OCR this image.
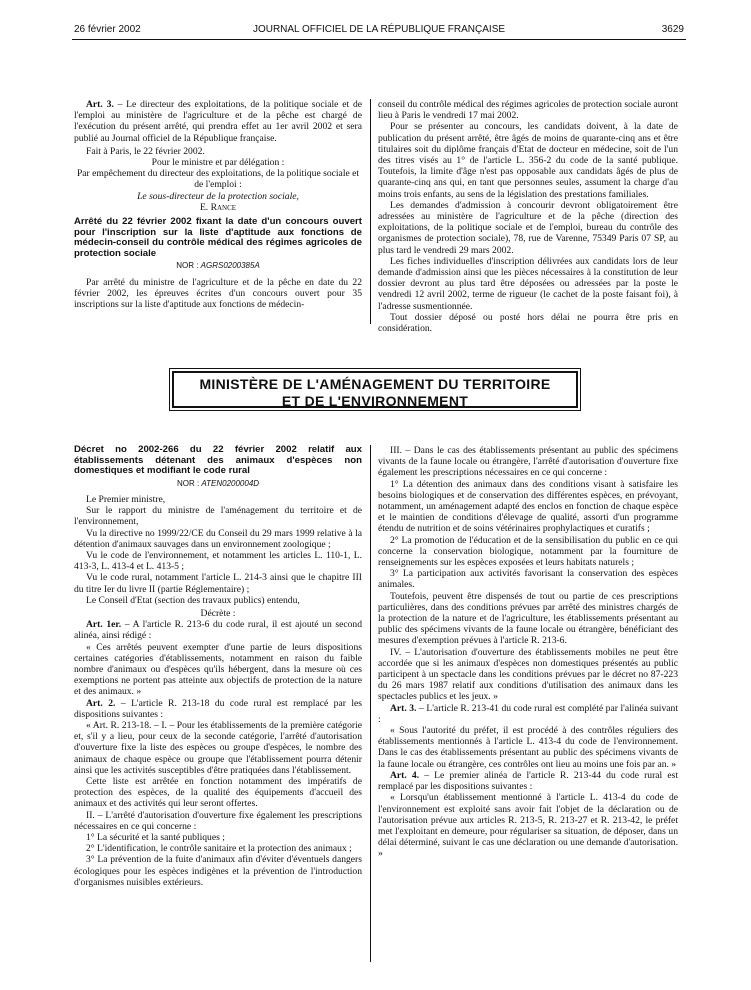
26 février 2002	JOURNAL OFFICIEL DE LA RÉPUBLIQUE FRANÇAISE	3629

Art. 3. – Le directeur des exploitations, de la politique sociale et de l'emploi au ministère de l'agriculture et de la pêche est chargé de l'exécution du présent arrêté, qui prendra effet au 1er avril 2002 et sera publié au Journal officiel de la République française.

Fait à Paris, le 22 février 2002.

Pour le ministre et par délégation :

Par empêchement du directeur des exploitations, de la politique sociale et de l'emploi :

Le sous-directeur de la protection sociale,

E. Rance

Arrêté du 22 février 2002 fixant la date d'un concours ouvert pour l'inscription sur la liste d'aptitude aux fonctions de médecin-conseil du contrôle médical des régimes agricoles de protection sociale

NOR : AGRS0200385A

Par arrêté du ministre de l'agriculture et de la pêche en date du 22 février 2002, les épreuves écrites d'un concours ouvert pour 35 inscriptions sur la liste d'aptitude aux fonctions de médecin-

conseil du contrôle médical des régimes agricoles de protection sociale auront lieu à Paris le vendredi 17 mai 2002.

Pour se présenter au concours, les candidats doivent, à la date de publication du présent arrêté, être âgés de moins de quarante-cinq ans et être titulaires soit du diplôme français d'Etat de docteur en médecine, soit de l'un des titres visés au 1° de l'article L. 356-2 du code de la santé publique. Toutefois, la limite d'âge n'est pas opposable aux candidats âgés de plus de quarante-cinq ans qui, en tant que personnes seules, assument la charge d'au moins trois enfants, au sens de la législation des prestations familiales.

Les demandes d'admission à concourir devront obligatoirement être adressées au ministère de l'agriculture et de la pêche (direction des exploitations, de la politique sociale et de l'emploi, bureau du contrôle des organismes de protection sociale), 78, rue de Varenne, 75349 Paris 07 SP, au plus tard le vendredi 29 mars 2002.

Les fiches individuelles d'inscription délivrées aux candidats lors de leur demande d'admission ainsi que les pièces nécessaires à la constitution de leur dossier devront au plus tard être déposées ou adressées par la poste le vendredi 12 avril 2002, terme de rigueur (le cachet de la poste faisant foi), à l'adresse susmentionnée.

Tout dossier déposé ou posté hors délai ne pourra être pris en considération.

MINISTÈRE DE L'AMÉNAGEMENT DU TERRITOIRE
ET DE L'ENVIRONNEMENT

Décret no 2002-266 du 22 février 2002 relatif aux établissements détenant des animaux d'espèces non domestiques et modifiant le code rural

NOR : ATEN0200004D

Le Premier ministre,

Sur le rapport du ministre de l'aménagement du territoire et de l'environnement,

Vu la directive no 1999/22/CE du Conseil du 29 mars 1999 relative à la détention d'animaux sauvages dans un environnement zoologique ;

Vu le code de l'environnement, et notamment les articles L. 110-1, L. 413-3, L. 413-4 et L. 413-5 ;

Vu le code rural, notamment l'article L. 214-3 ainsi que le chapitre III du titre Ier du livre II (partie Réglementaire) ;

Le Conseil d'Etat (section des travaux publics) entendu,

Décrète :

Art. 1er. – A l'article R. 213-6 du code rural, il est ajouté un second alinéa, ainsi rédigé :

« Ces arrêtés peuvent exempter d'une partie de leurs dispositions certaines catégories d'établissements, notamment en raison du faible nombre d'animaux ou d'espèces qu'ils hébergent, dans la mesure où ces exemptions ne portent pas atteinte aux objectifs de protection de la nature et des animaux. »

Art. 2. – L'article R. 213-18 du code rural est remplacé par les dispositions suivantes :

« Art. R. 213-18. – I. – Pour les établissements de la première catégorie et, s'il y a lieu, pour ceux de la seconde catégorie, l'arrêté d'autorisation d'ouverture fixe la liste des espèces ou groupe d'espèces, le nombre des animaux de chaque espèce ou groupe que l'établissement pourra détenir ainsi que les activités susceptibles d'être pratiquées dans l'établissement.

Cette liste est arrêtée en fonction notamment des impératifs de protection des espèces, de la qualité des équipements d'accueil des animaux et des activités qui leur seront offertes.

II. – L'arrêté d'autorisation d'ouverture fixe également les prescriptions nécessaires en ce qui concerne :

1° La sécurité et la santé publiques ;

2° L'identification, le contrôle sanitaire et la protection des animaux ;

3° La prévention de la fuite d'animaux afin d'éviter d'éventuels dangers écologiques pour les espèces indigènes et la prévention de l'introduction d'organismes nuisibles extérieurs.

III. – Dans le cas des établissements présentant au public des spécimens vivants de la faune locale ou étrangère, l'arrêté d'autorisation d'ouverture fixe également les prescriptions nécessaires en ce qui concerne :

1° La détention des animaux dans des conditions visant à satisfaire les besoins biologiques et de conservation des différentes espèces, en prévoyant, notamment, un aménagement adapté des enclos en fonction de chaque espèce et le maintien de conditions d'élevage de qualité, assorti d'un programme étendu de nutrition et de soins vétérinaires prophylactiques et curatifs ;

2° La promotion de l'éducation et de la sensibilisation du public en ce qui concerne la conservation biologique, notamment par la fourniture de renseignements sur les espèces exposées et leurs habitats naturels ;

3° La participation aux activités favorisant la conservation des espèces animales.

Toutefois, peuvent être dispensés de tout ou partie de ces prescriptions particulières, dans des conditions prévues par arrêté des ministres chargés de la protection de la nature et de l'agriculture, les établissements présentant au public des spécimens vivants de la faune locale ou étrangère, bénéficiant des mesures d'exemption prévues à l'article R. 213-6.

IV. – L'autorisation d'ouverture des établissements mobiles ne peut être accordée que si les animaux d'espèces non domestiques présentés au public participent à un spectacle dans les conditions prévues par le décret no 87-223 du 26 mars 1987 relatif aux conditions d'utilisation des animaux dans les spectacles publics et les jeux. »

Art. 3. – L'article R. 213-41 du code rural est complété par l'alinéa suivant :

« Sous l'autorité du préfet, il est procédé à des contrôles réguliers des établissements mentionnés à l'article L. 413-4 du code de l'environnement. Dans le cas des établissements présentant au public des spécimens vivants de la faune locale ou étrangère, ces contrôles ont lieu au moins une fois par an. »

Art. 4. – Le premier alinéa de l'article R. 213-44 du code rural est remplacé par les dispositions suivantes :

« Lorsqu'un établissement mentionné à l'article L. 413-4 du code de l'environnement est exploité sans avoir fait l'objet de la déclaration ou de l'autorisation prévue aux articles R. 213-5, R. 213-27 et R. 213-42, le préfet met l'exploitant en demeure, pour régulariser sa situation, de déposer, dans un délai déterminé, suivant le cas une déclaration ou une demande d'autorisation. »
